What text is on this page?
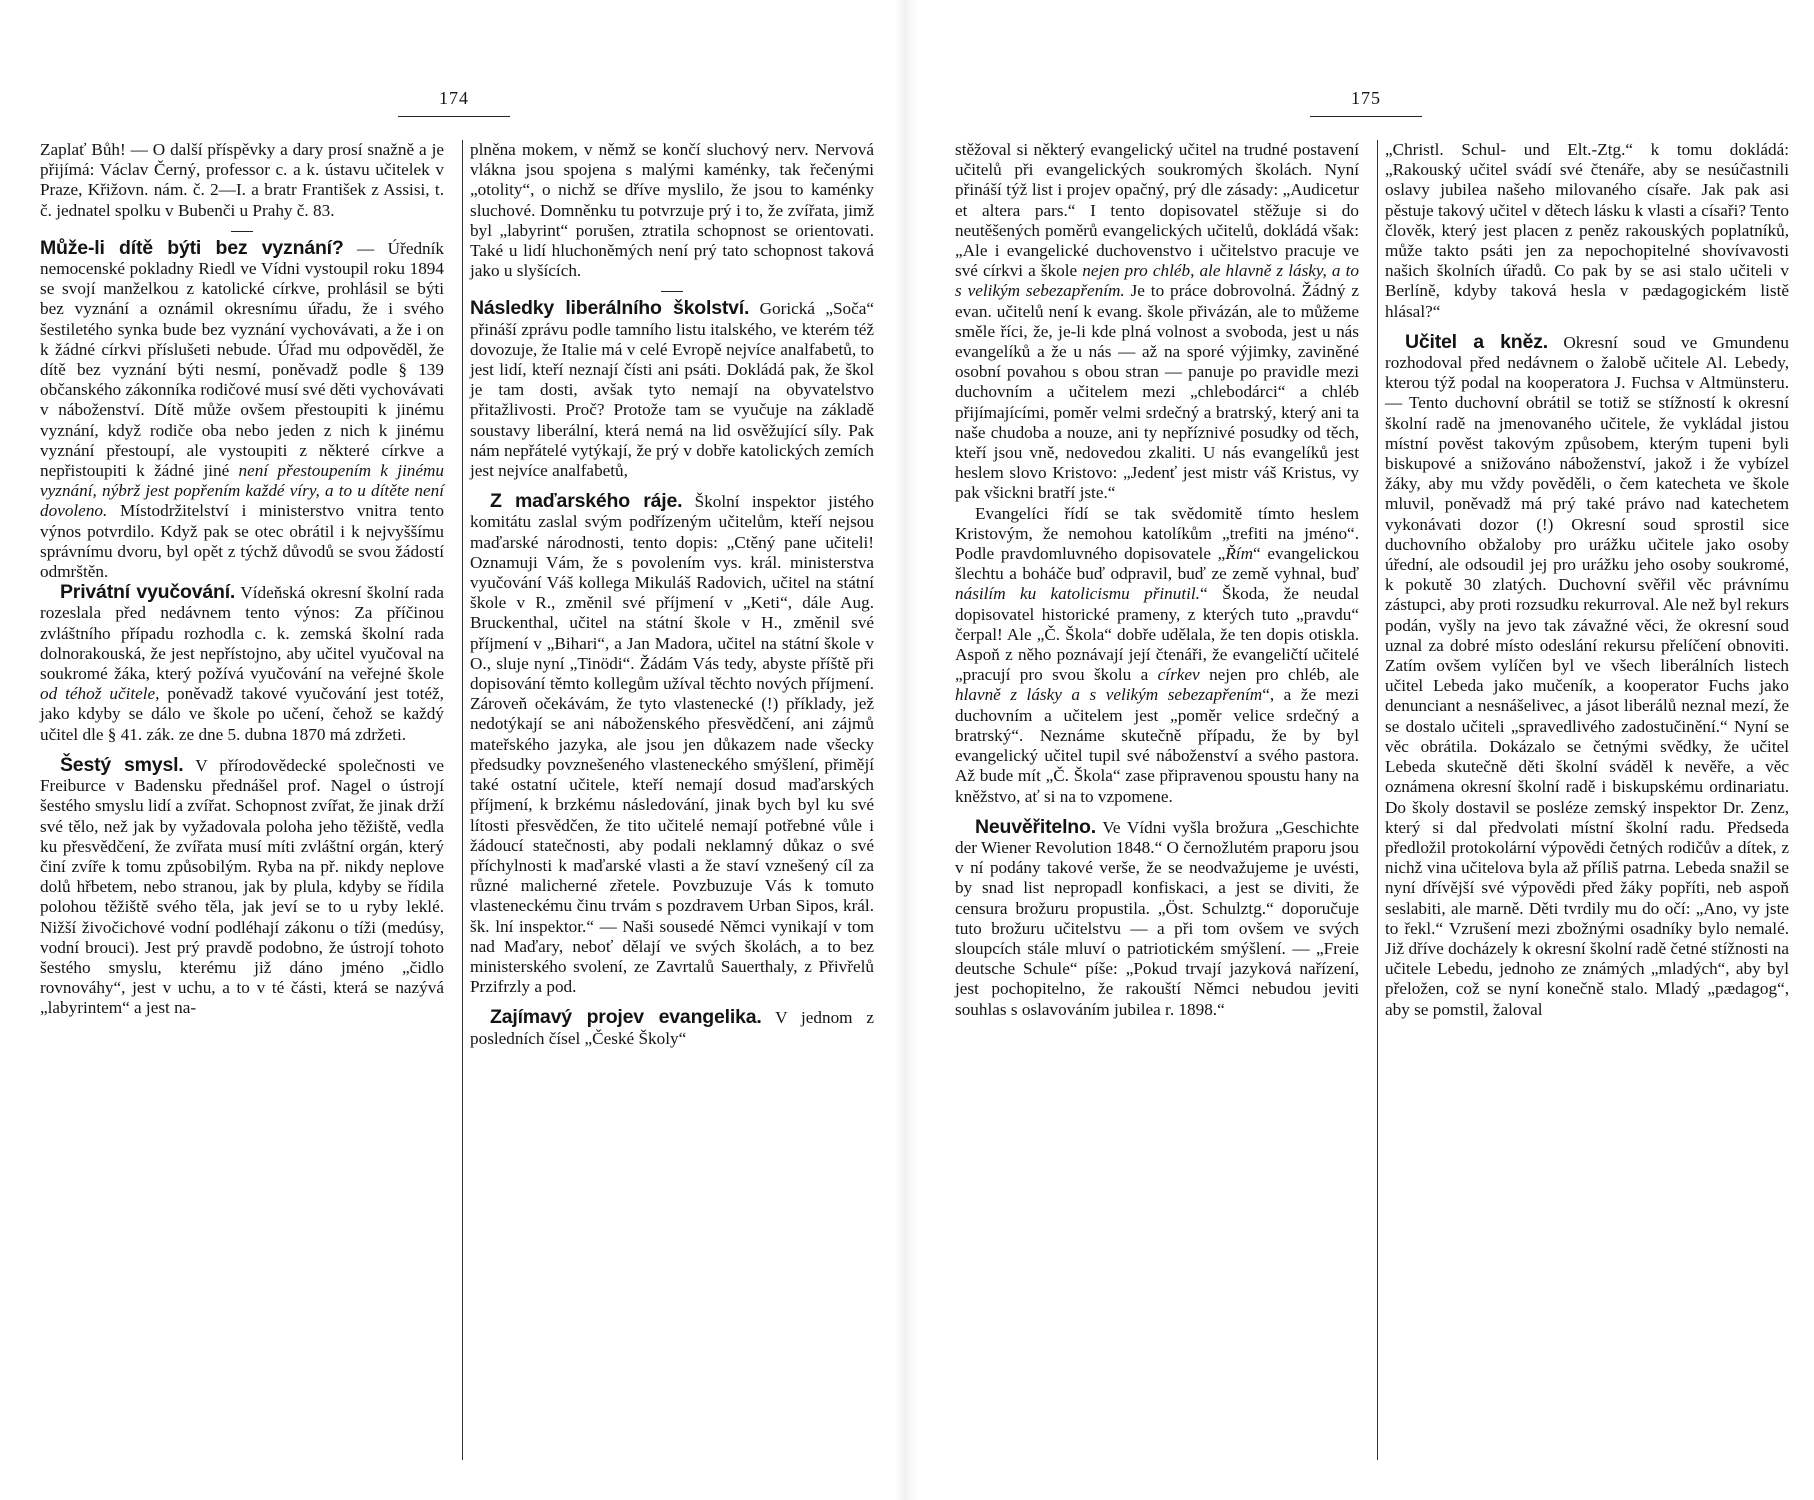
174

Zaplať Bůh! — O další příspěvky a dary prosí snažně a je přijímá: Václav Černý, professor c. a k. ústavu učitelek v Praze, Křižovn. nám. č. 2—I. a bratr František z Assisi, t. č. jednatel spolku v Bubenči u Prahy č. 83.

Může-li dítě býti bez vyznání? — Úředník nemocenské pokladny Riedl ve Vídni vystoupil roku 1894 se svojí manželkou z katolické církve, prohlásil se býti bez vyznání a oznámil okresnímu úřadu, že i svého šestiletého synka bude bez vyznání vychovávati, a že i on k žádné církvi příslušeti nebude. Úřad mu odpověděl, že dítě bez vyznání býti nesmí, poněvadž podle § 139 občanského zákonníka rodičové musí své děti vychovávati v náboženství. Dítě může ovšem přestoupiti k jinému vyznání, když rodiče oba nebo jeden z nich k jinému vyznání přestoupí, ale vystoupiti z některé církve a nepřistoupiti k žádné jiné není přestoupením k jinému vyznání, nýbrž jest popřením každé víry, a to u dítěte není dovoleno. Místodržitelství i ministerstvo vnitra tento výnos potvrdilo. Když pak se otec obrátil i k nejvyššímu správnímu dvoru, byl opět z týchž důvodů se svou žádostí odmrštěn.

Privátní vyučování. Vídeňská okresní školní rada rozeslala před nedávnem tento výnos: Za příčinou zvláštního případu rozhodla c. k. zemská školní rada dolnorakouská, že jest nepřístojno, aby učitel vyučoval na soukromé žáka, který požívá vyučování na veřejné škole od téhož učitele, poněvadž takové vyučování jest totéž, jako kdyby se dálo ve škole po učení, čehož se každý učitel dle § 41. zák. ze dne 5. dubna 1870 má zdržeti.

Šestý smysl. V přírodovědecké společnosti ve Freiburce v Badensku přednášel prof. Nagel o ústrojí šestého smyslu lidí a zvířat. Schopnost zvířat, že jinak drží své tělo, než jak by vyžadovala poloha jeho těžiště, vedla ku přesvědčení, že zvířata musí míti zvláštní orgán, který činí zvíře k tomu způsobilým. Ryba na př. nikdy neplove dolů hřbetem, nebo stranou, jak by plula, kdyby se řídila polohou těžiště svého těla, jak jeví se to u ryby leklé. Nižší živočichové vodní podléhají zákonu o tíži (medúsy, vodní brouci). Jest prý pravdě podobno, že ústrojí tohoto šestého smyslu, kterému již dáno jméno „čidlo rovnováhy“, jest v uchu, a to v té části, která se nazývá „labyrintem“ a jest na-

plněna mokem, v němž se končí sluchový nerv. Nervová vlákna jsou spojena s malými kaménky, tak řečenými „otolity“, o nichž se dříve myslilo, že jsou to kaménky sluchové. Domněnku tu potvrzuje prý i to, že zvířata, jimž byl „labyrint“ porušen, ztratila schopnost se orientovati. Také u lidí hluchoněmých není prý tato schopnost taková jako u slyšících.

Následky liberálního školství. Gorická „Soča“ přináší zprávu podle tamního listu italského, ve kterém též dovozuje, že Italie má v celé Evropě nejvíce analfabetů, to jest lidí, kteří neznají čísti ani psáti. Dokládá pak, že škol je tam dosti, avšak tyto nemají na obyvatelstvo přitažlivosti. Proč? Protože tam se vyučuje na základě soustavy liberální, která nemá na lid osvěžující síly. Pak nám nepřátelé vytýkají, že prý v dobře katolických zemích jest nejvíce analfabetů,

Z maďarského ráje. Školní inspektor jistého komitátu zaslal svým podřízeným učitelům, kteří nejsou maďarské národnosti, tento dopis: „Ctěný pane učiteli! Oznamuji Vám, že s povolením vys. král. ministerstva vyučování Váš kollega Mikuláš Radovich, učitel na státní škole v R., změnil své příjmení v „Keti“, dále Aug. Bruckenthal, učitel na státní škole v H., změnil své příjmení v „Bihari“, a Jan Madora, učitel na státní škole v O., sluje nyní „Tinödi“. Žádám Vás tedy, abyste příště při dopisování těmto kollegům užíval těchto nových příjmení. Zároveň očekávám, že tyto vlastenecké (!) příklady, jež nedotýkají se ani náboženského přesvědčení, ani zájmů mateřského jazyka, ale jsou jen důkazem nade všecky předsudky povznešeného vlasteneckého smýšlení, přimějí také ostatní učitele, kteří nemají dosud maďarských příjmení, k brzkému následování, jinak bych byl ku své lítosti přesvědčen, že tito učitelé nemají potřebné vůle i žádoucí statečnosti, aby podali neklamný důkaz o své příchylnosti k maďarské vlasti a že staví vznešený cíl za různé malicherné zřetele. Povzbuzuje Vás k tomuto vlasteneckému činu trvám s pozdravem Urban Sipos, král. šk. lní inspektor.“ — Naši sousedé Němci vynikají v tom nad Maďary, neboť dělají ve svých školách, a to bez ministerského svolení, ze Zavrtalů Sauerthaly, z Přivřelů Przifrzly a pod.

Zajímavý projev evangelika. V jednom z posledních čísel „České Školy“

175

stěžoval si některý evangelický učitel na trudné postavení učitelů při evangelických soukromých školách. Nyní přináší týž list i projev opačný, prý dle zásady: „Audicetur et altera pars.“ I tento dopisovatel stěžuje si do neutěšených poměrů evangelických učitelů, dokládá však: „Ale i evangelické duchovenstvo i učitelstvo pracuje ve své církvi a škole nejen pro chléb, ale hlavně z lásky, a to s velikým sebezapřením. Je to práce dobrovolná. Žádný z evan. učitelů není k evang. škole přivázán, ale to můžeme směle říci, že, je-li kde plná volnost a svoboda, jest u nás evangelíků a že u nás — až na sporé výjimky, zaviněné osobní povahou s obou stran — panuje po pravidle mezi duchovním a učitelem mezi „chlebodárci“ a chléb přijímajícími, poměr velmi srdečný a bratrský, který ani ta naše chudoba a nouze, ani ty nepříznivé posudky od těch, kteří jsou vně, nedovedou zkaliti. U nás evangelíků jest heslem slovo Kristovo: „Jedenť jest mistr váš Kristus, vy pak všickni bratří jste.“

Evangelíci řídí se tak svědomitě tímto heslem Kristovým, že nemohou katolíkům „trefiti na jméno“. Podle pravdomluvného dopisovatele „Řím“ evangelickou šlechtu a boháče buď odpravil, buď ze země vyhnal, buď násilím ku katolicismu přinutil.“ Škoda, že neudal dopisovatel historické prameny, z kterých tuto „pravdu“ čerpal! Ale „Č. Škola“ dobře udělala, že ten dopis otiskla. Aspoň z něho poznávají její čtenáři, že evangeličtí učitelé „pracují pro svou školu a církev nejen pro chléb, ale hlavně z lásky a s velikým sebezapřením“, a že mezi duchovním a učitelem jest „poměr velice srdečný a bratrský“. Neznáme skutečně případu, že by byl evangelický učitel tupil své náboženství a svého pastora. Až bude mít „Č. Škola“ zase připravenou spoustu hany na kněžstvo, ať si na to vzpomene.

Neuvěřitelno. Ve Vídni vyšla brožura „Geschichte der Wiener Revolution 1848.“ O černožlutém praporu jsou v ní podány takové verše, že se neodvažujeme je uvésti, by snad list nepropadl konfiskaci, a jest se diviti, že censura brožuru propustila. „Öst. Schulztg.“ doporučuje tuto brožuru učitelstvu — a při tom ovšem ve svých sloupcích stále mluví o patriotickém smýšlení. — „Freie deutsche Schule“ píše: „Pokud trvají jazyková nařízení, jest pochopitelno, že rakouští Němci nebudou jeviti souhlas s oslavováním jubilea r. 1898.“

„Christl. Schul- und Elt.-Ztg.“ k tomu dokládá: „Rakouský učitel svádí své čtenáře, aby se nesúčastnili oslavy jubilea našeho milovaného císaře. Jak pak asi pěstuje takový učitel v dětech lásku k vlasti a císaři? Tento člověk, který jest placen z peněz rakouských poplatníků, může takto psáti jen za nepochopitelné shovívavosti našich školních úřadů. Co pak by se asi stalo učiteli v Berlíně, kdyby taková hesla v pædagogickém listě hlásal?“

Učitel a kněz. Okresní soud ve Gmundenu rozhodoval před nedávnem o žalobě učitele Al. Lebedy, kterou týž podal na kooperatora J. Fuchsa v Altmünsteru. — Tento duchovní obrátil se totiž se stížností k okresní školní radě na jmenovaného učitele, že vykládal jistou místní pověst takovým způsobem, kterým tupeni byli biskupové a snižováno náboženství, jakož i že vybízel žáky, aby mu vždy pověděli, o čem katecheta ve škole mluvil, poněvadž má prý také právo nad katechetem vykonávati dozor (!) Okresní soud sprostil sice duchovního obžaloby pro urážku učitele jako osoby úřední, ale odsoudil jej pro urážku jeho osoby soukromé, k pokutě 30 zlatých. Duchovní svěřil věc právnímu zástupci, aby proti rozsudku rekurroval. Ale než byl rekurs podán, vyšly na jevo tak závažné věci, že okresní soud uznal za dobré místo odeslání rekursu přelíčení obnoviti. Zatím ovšem vylíčen byl ve všech liberálních listech učitel Lebeda jako mučeník, a kooperator Fuchs jako denunciant a nesnášelivec, a jásot liberálů neznal mezí, že se dostalo učiteli „spravedlivého zadostučinění.“ Nyní se věc obrátila. Dokázalo se četnými svědky, že učitel Lebeda skutečně děti školní sváděl k nevěře, a věc oznámena okresní školní radě i biskupskému ordinariatu. Do školy dostavil se posléze zemský inspektor Dr. Zenz, který si dal předvolati místní školní radu. Předseda předložil protokolární výpovědi četných rodičův a dítek, z nichž vina učitelova byla až příliš patrna. Lebeda snažil se nyní dřívější své výpovědi před žáky popříti, neb aspoň seslabiti, ale marně. Děti tvrdily mu do očí: „Ano, vy jste to řekl.“ Vzrušení mezi zbožnými osadníky bylo nemalé. Již dříve docházely k okresní školní radě četné stížnosti na učitele Lebedu, jednoho ze známých „mladých“, aby byl přeložen, což se nyní konečně stalo. Mladý „pædagog“, aby se pomstil, žaloval
